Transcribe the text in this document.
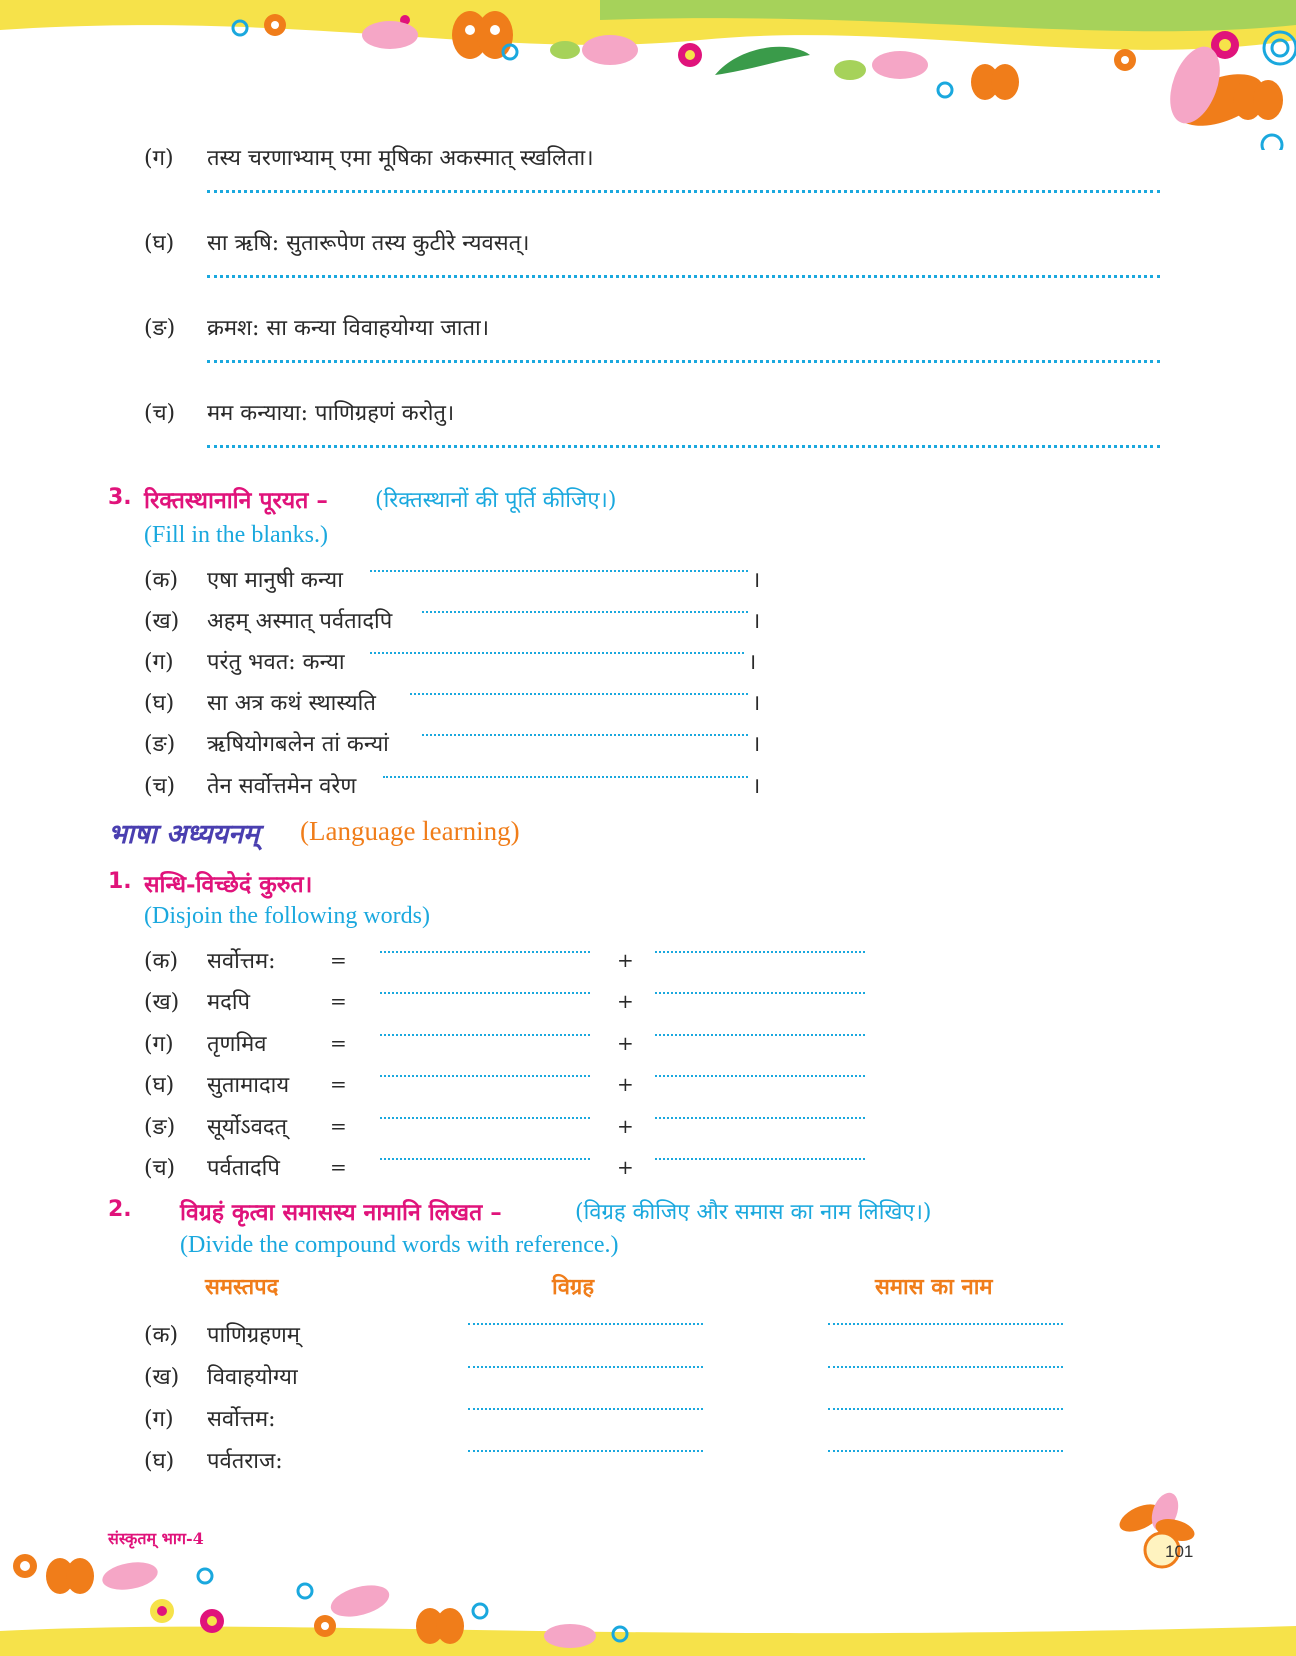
(ग) तस्य चरणाभ्याम् एमा मूषिका अकस्मात् स्खलिता।
(घ) सा ऋषि: सुतारूपेण तस्य कुटीरे न्यवसत्।
(ङ) क्रमश: सा कन्या विवाहयोग्या जाता।
(च) मम कन्याया: पाणिग्रहणं करोतु।
3. रिक्तस्थानानि पूरयत – (रिक्तस्थानों की पूर्ति कीजिए।)
(Fill in the blanks.)
(क) एषा मानुषी कन्या	।
(ख) अहम् अस्मात् पर्वतादपि	।
(ग) परंतु भवत: कन्या	।
(घ) सा अत्र कथं स्थास्यति	।
(ङ) ऋषियोगबलेन तां कन्यां	।
(च) तेन सर्वोत्तमेन वरेण	।
भाषा अध्ययनम् (Language learning)
1. सन्धि-विच्छेदं कुरुत।
(Disjoin the following words)
(क) सर्वोत्तम:	=	+
(ख) मदपि	=	+
(ग) तृणमिव	=	+
(घ) सुतामादाय =	+
(ङ) सूर्योऽवदत् =	+
(च) पर्वतादपि	=	+
2. विग्रहं कृत्वा समासस्य नामानि लिखत –	(विग्रह कीजिए और समास का नाम लिखिए।)
(Divide the compound words with reference.)
समस्तपद	विग्रह	समास का नाम
(क) पाणिग्रहणम्
(ख) विवाहयोग्या
(ग) सर्वोत्तम:
(घ) पर्वतराज:
संस्कृतम् भाग-4
101
